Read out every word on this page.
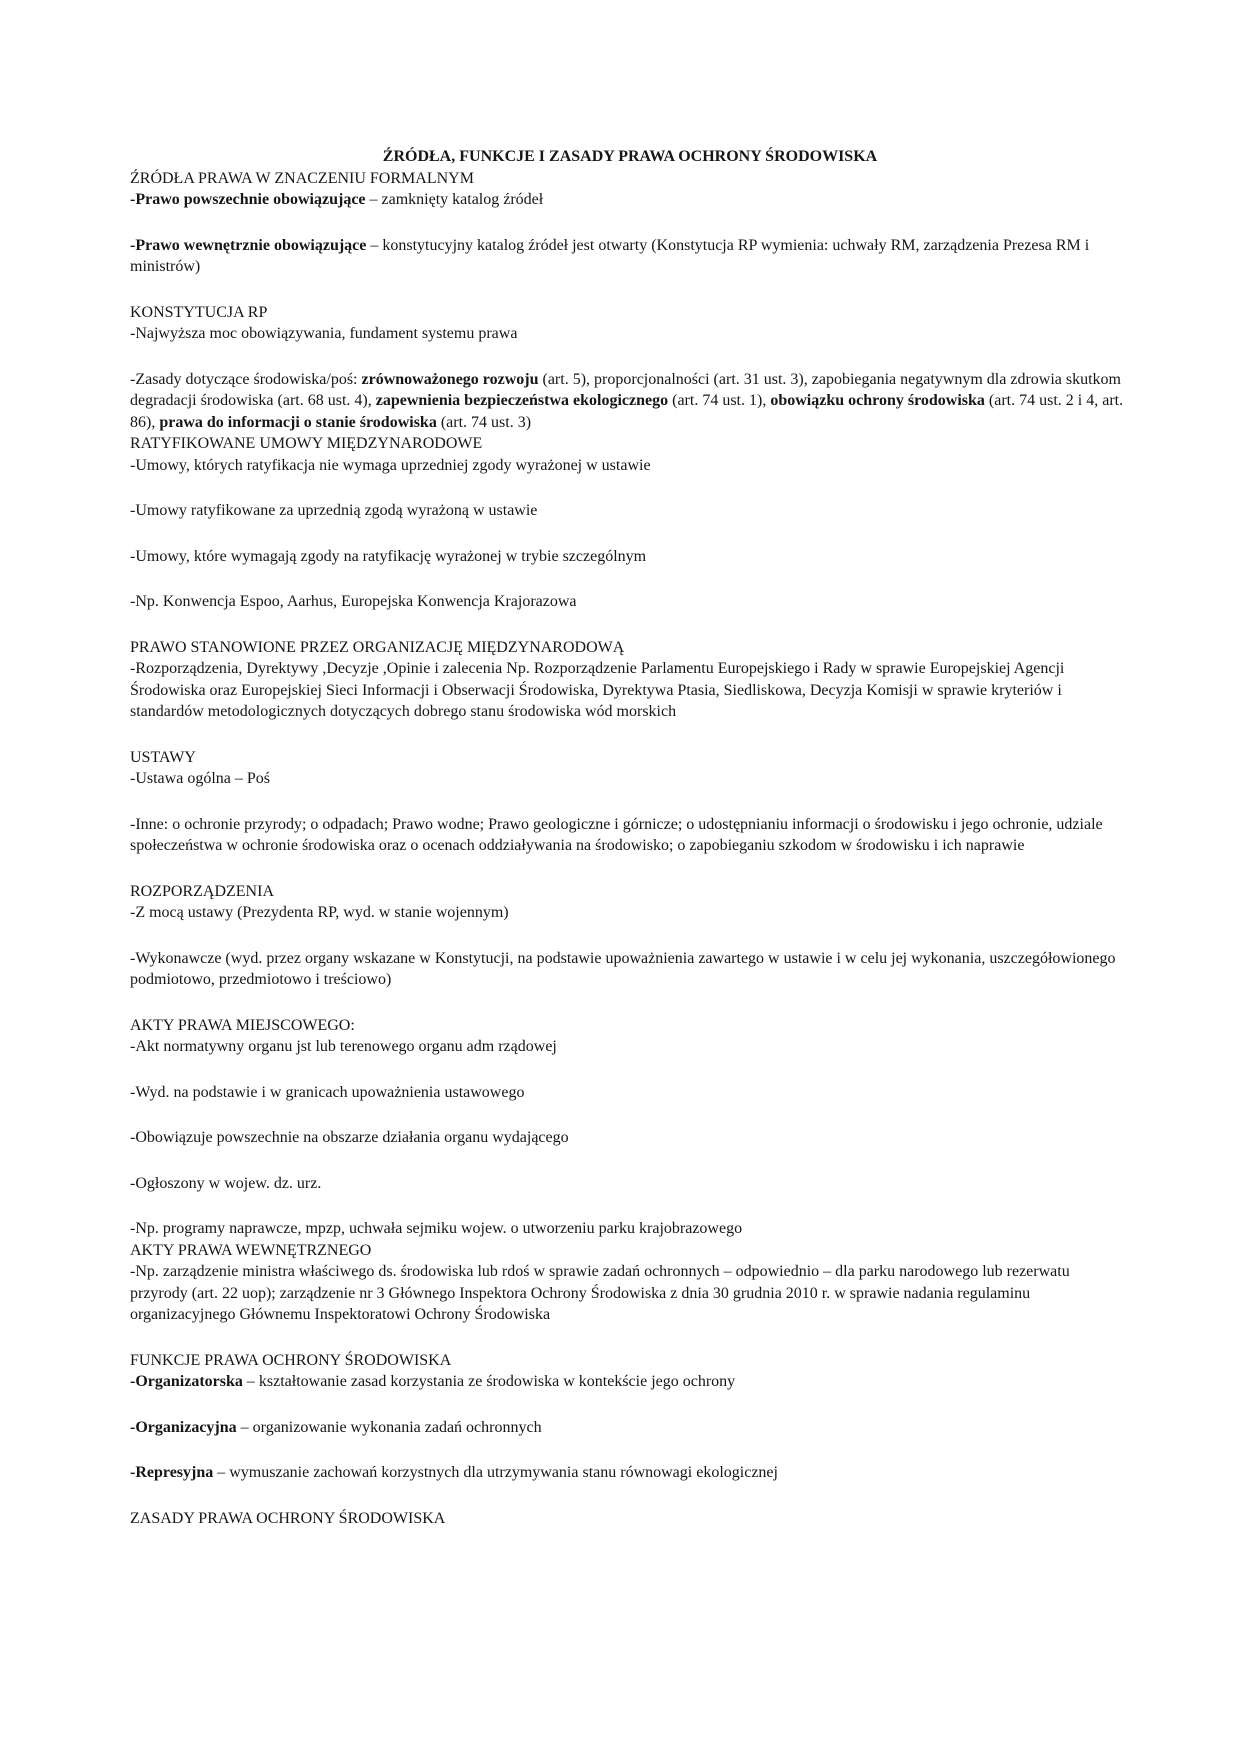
ŹRÓDŁA, FUNKCJE I ZASADY PRAWA OCHRONY ŚRODOWISKA

ŹRÓDŁA PRAWA W ZNACZENIU FORMALNYM

-Prawo powszechnie obowiązujące – zamknięty katalog źródeł

-Prawo wewnętrznie obowiązujące – konstytucyjny katalog źródeł jest otwarty (Konstytucja RP wymienia: uchwały RM, zarządzenia Prezesa RM i ministrów)

KONSTYTUCJA RP

-Najwyższa moc obowiązywania, fundament systemu prawa

-Zasady dotyczące środowiska/poś: zrównoważonego rozwoju (art. 5), proporcjonalności (art. 31 ust. 3), zapobiegania negatywnym dla zdrowia skutkom degradacji środowiska (art. 68 ust. 4), zapewnienia bezpieczeństwa ekologicznego (art. 74 ust. 1), obowiązku ochrony środowiska (art. 74 ust. 2 i 4, art. 86), prawa do informacji o stanie środowiska (art. 74 ust. 3)

RATYFIKOWANE UMOWY MIĘDZYNARODOWE

-Umowy, których ratyfikacja nie wymaga uprzedniej zgody wyrażonej w ustawie

-Umowy ratyfikowane za uprzednią zgodą wyrażoną w ustawie

-Umowy, które wymagają zgody na ratyfikację wyrażonej w trybie szczególnym

-Np. Konwencja Espoo, Aarhus, Europejska Konwencja Krajorazowa

PRAWO STANOWIONE PRZEZ ORGANIZACJĘ MIĘDZYNARODOWĄ

-Rozporządzenia, Dyrektywy ,Decyzje ,Opinie i zalecenia Np. Rozporządzenie Parlamentu Europejskiego i Rady w sprawie Europejskiej Agencji Środowiska oraz Europejskiej Sieci Informacji i Obserwacji Środowiska, Dyrektywa Ptasia, Siedliskowa, Decyzja Komisji w sprawie kryteriów i standardów metodologicznych dotyczących dobrego stanu środowiska wód morskich

USTAWY

-Ustawa ogólna – Poś

-Inne: o ochronie przyrody; o odpadach; Prawo wodne; Prawo geologiczne i górnicze; o udostępnianiu informacji o środowisku i jego ochronie, udziale społeczeństwa w ochronie środowiska oraz o ocenach oddziaływania na środowisko; o zapobieganiu szkodom w środowisku i ich naprawie

ROZPORZĄDZENIA

-Z mocą ustawy (Prezydenta RP, wyd. w stanie wojennym)

-Wykonawcze (wyd. przez organy wskazane w Konstytucji, na podstawie upoważnienia zawartego w ustawie i w celu jej wykonania, uszczegółowionego podmiotowo, przedmiotowo i treściowo)

AKTY PRAWA MIEJSCOWEGO:

-Akt normatywny organu jst lub terenowego organu adm rządowej

-Wyd. na podstawie i w granicach upoważnienia ustawowego

-Obowiązuje powszechnie na obszarze działania organu wydającego

-Ogłoszony w wojew. dz. urz.

-Np. programy naprawcze, mpzp, uchwała sejmiku wojew. o utworzeniu parku krajobrazowego

AKTY PRAWA WEWNĘTRZNEGO

-Np. zarządzenie ministra właściwego ds. środowiska lub rdoś w sprawie zadań ochronnych – odpowiednio – dla parku narodowego lub rezerwatu przyrody (art. 22 uop); zarządzenie nr 3 Głównego Inspektora Ochrony Środowiska z dnia 30 grudnia 2010 r. w sprawie nadania regulaminu organizacyjnego Głównemu Inspektoratowi Ochrony Środowiska

FUNKCJE PRAWA OCHRONY ŚRODOWISKA

-Organizatorska – kształtowanie zasad korzystania ze środowiska w kontekście jego ochrony

-Organizacyjna – organizowanie wykonania zadań ochronnych

-Represyjna – wymuszanie zachowań korzystnych dla utrzymywania stanu równowagi ekologicznej

ZASADY PRAWA OCHRONY ŚRODOWISKA
